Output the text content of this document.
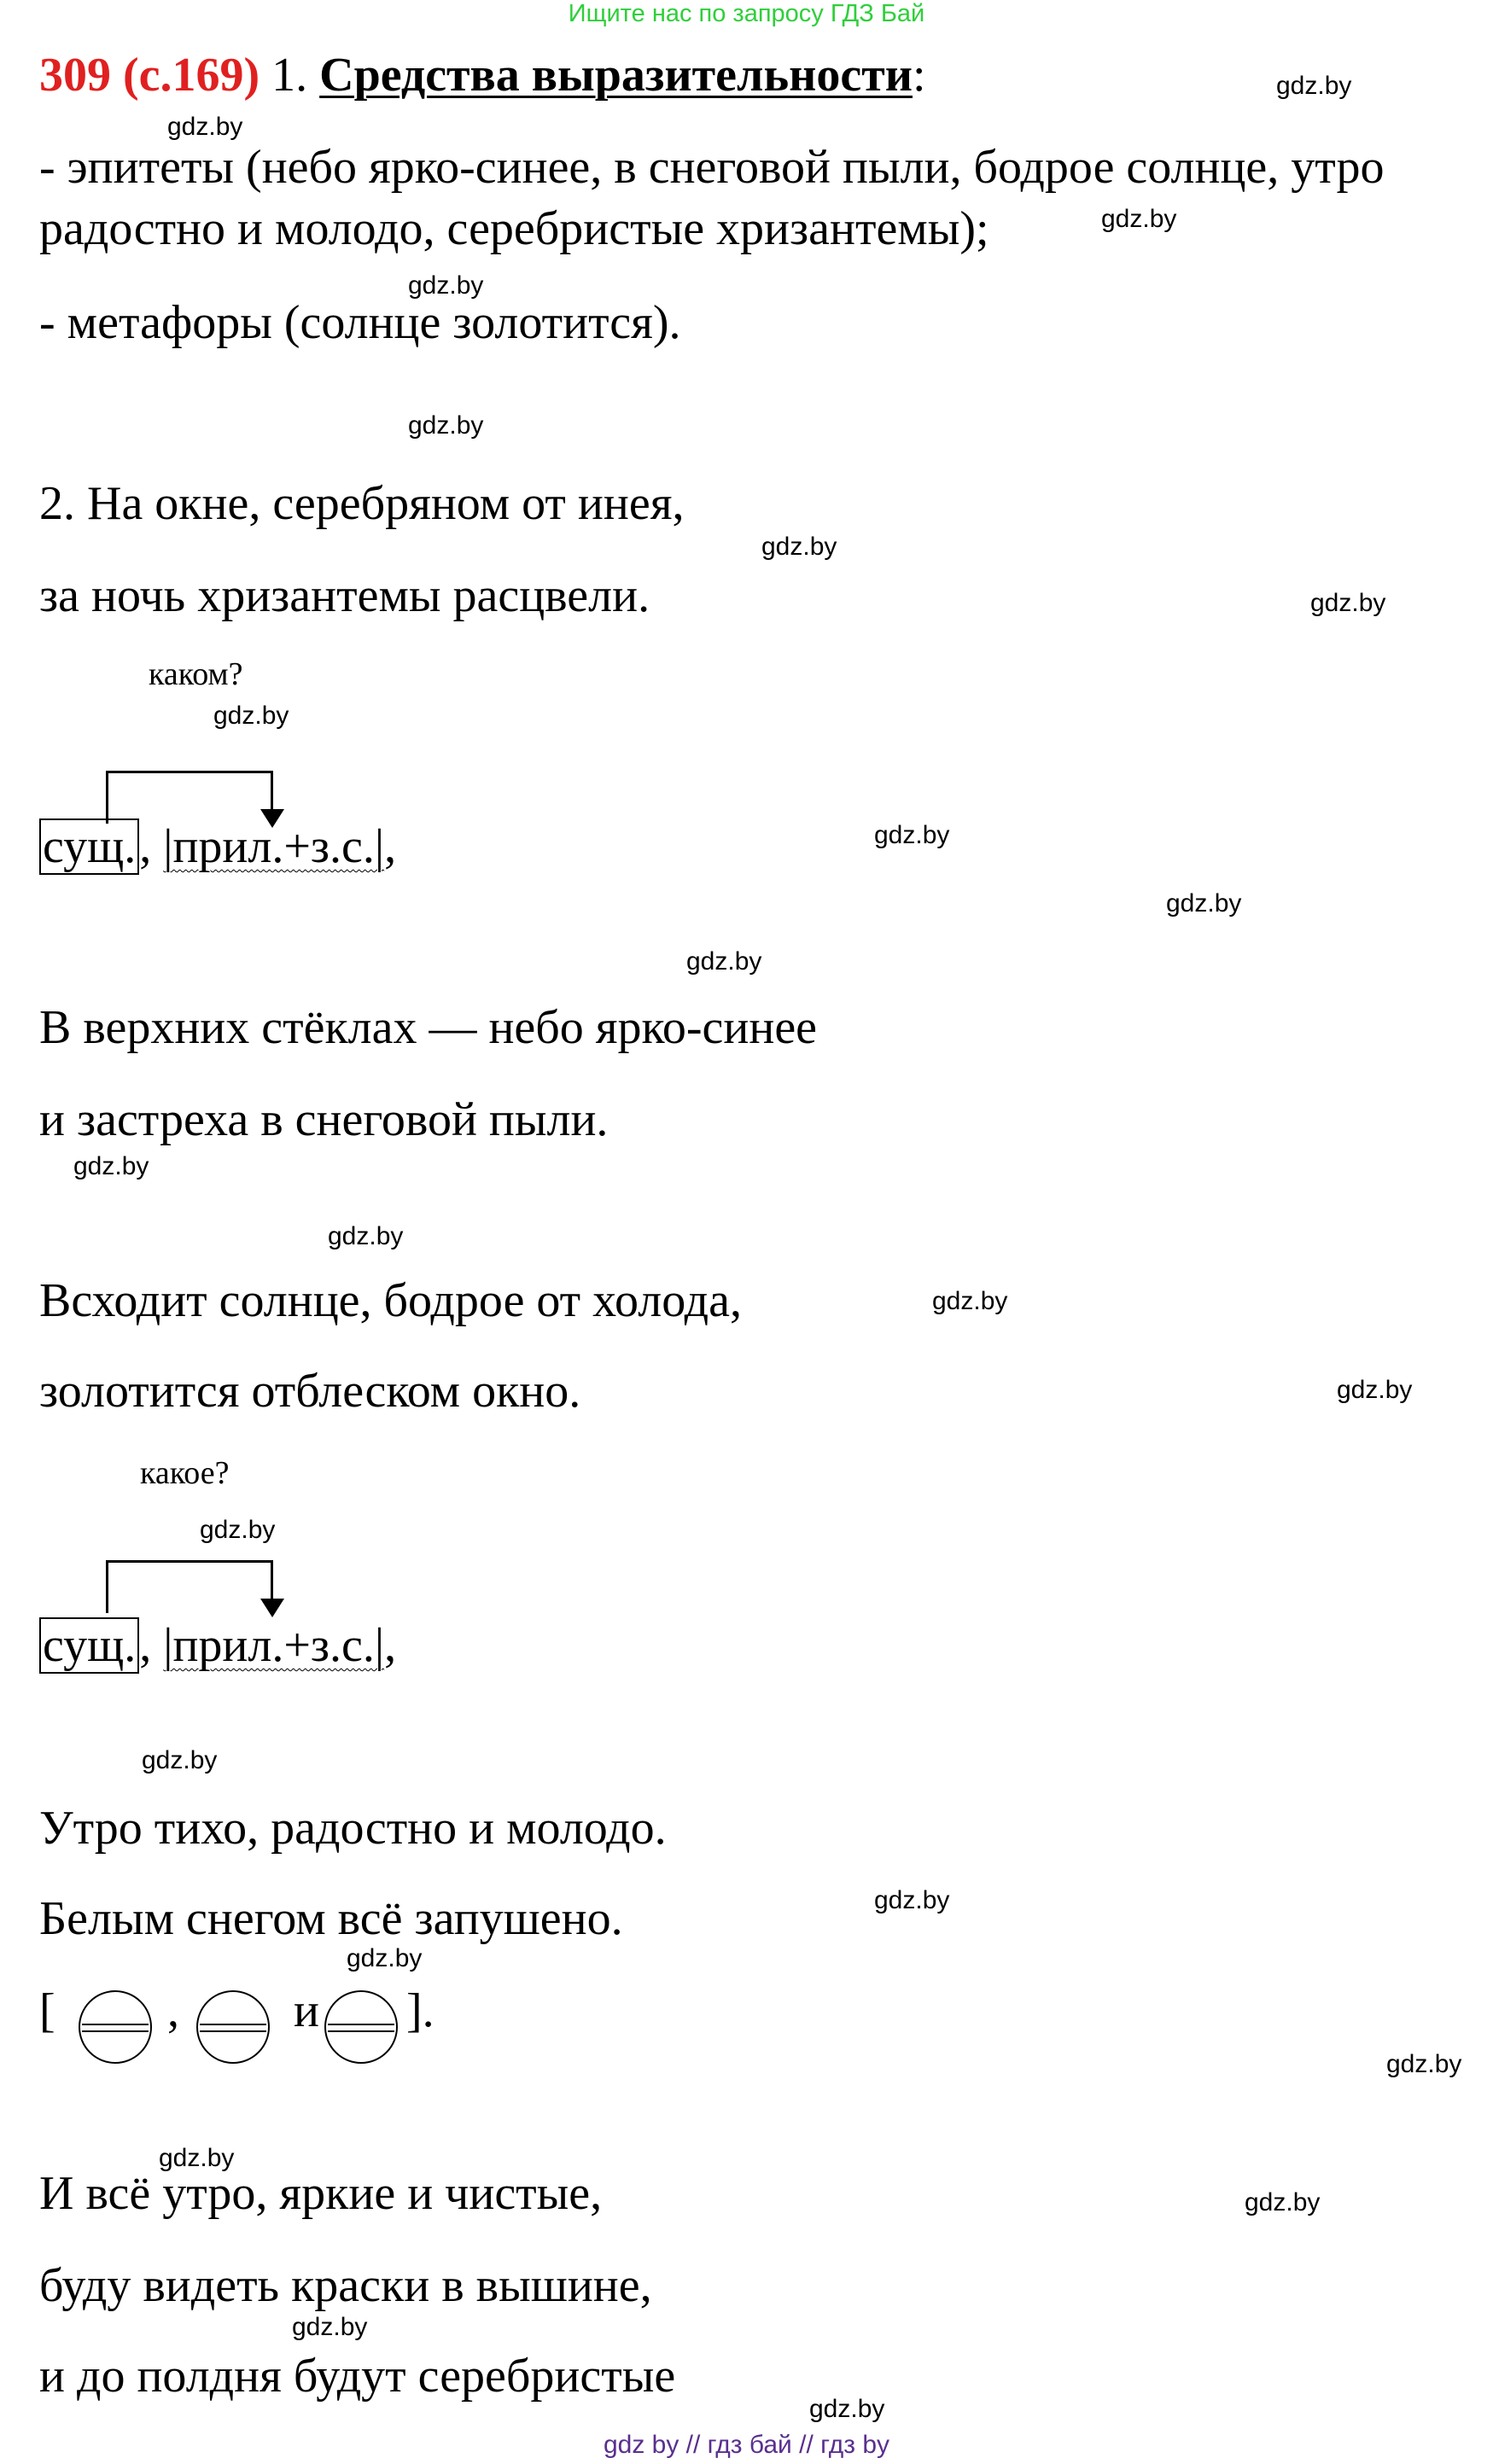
Ищите нас по запросу ГДЗ Бай
309 (с.169) 1. Средства выразительности:
- эпитеты (небо ярко-синее, в снеговой пыли, бодрое солнце, утро
радостно и молодо, серебристые хризантемы);
- метафоры (солнце золотится).
2. На окне, серебряном от инея,
за ночь хризантемы расцвели.
каком?
сущ., |прил.+з.с.|,
В верхних стёклах — небо ярко-синее
и застреха в снеговой пыли.
Всходит солнце, бодрое от холода,
золотится отблеском окно.
какое?
сущ., |прил.+з.с.|,
Утро тихо, радостно и молодо.
Белым снегом всё запушено.
[ , и ].
И всё утро, яркие и чистые,
буду видеть краски в вышине,
и до полдня будут серебристые
gdz.by
gdz.by
gdz.by
gdz.by
gdz.by
gdz.by
gdz.by
gdz.by
gdz.by
gdz.by
gdz.by
gdz.by
gdz.by
gdz.by
gdz.by
gdz.by
gdz.by
gdz.by
gdz.by
gdz.by
gdz.by
gdz.by
gdz.by
gdz.by
gdz by // гдз бай // гдз by
